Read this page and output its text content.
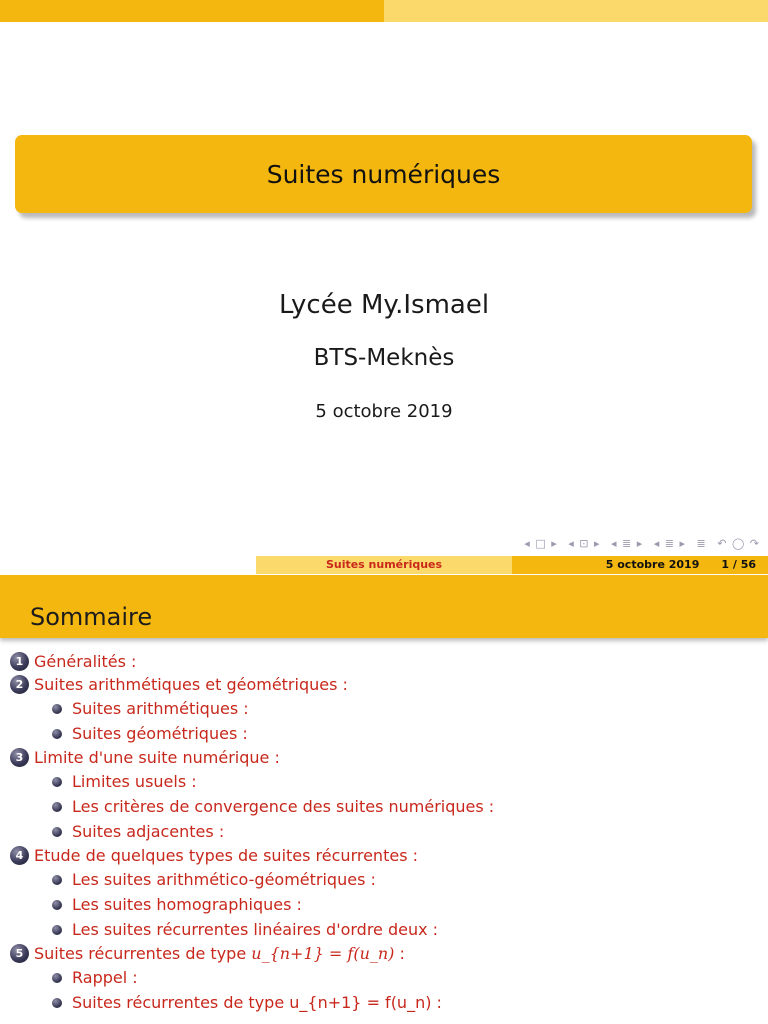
Suites numériques
Lycée My.Ismael
BTS-Meknès
5 octobre 2019
◂ □ ▸ ◂ ⊡ ▸ ◂ ≣ ▸ ◂ ≣ ▸ ≣ ↶ ◯ ↷
Suites numériques	5 octobre 2019 1 / 56
Sommaire
1 Généralités :
2 Suites arithmétiques et géométriques :
Suites arithmétiques :
Suites géométriques :
3 Limite d'une suite numérique :
Limites usuels :
Les critères de convergence des suites numériques :
Suites adjacentes :
4 Etude de quelques types de suites récurrentes :
Les suites arithmético-géométriques :
Les suites homographiques :
Les suites récurrentes linéaires d'ordre deux :
5 Suites récurrentes de type u_{n+1} = f(u_n) :
Rappel :
Suites récurrentes de type u_{n+1} = f(u_n) :
